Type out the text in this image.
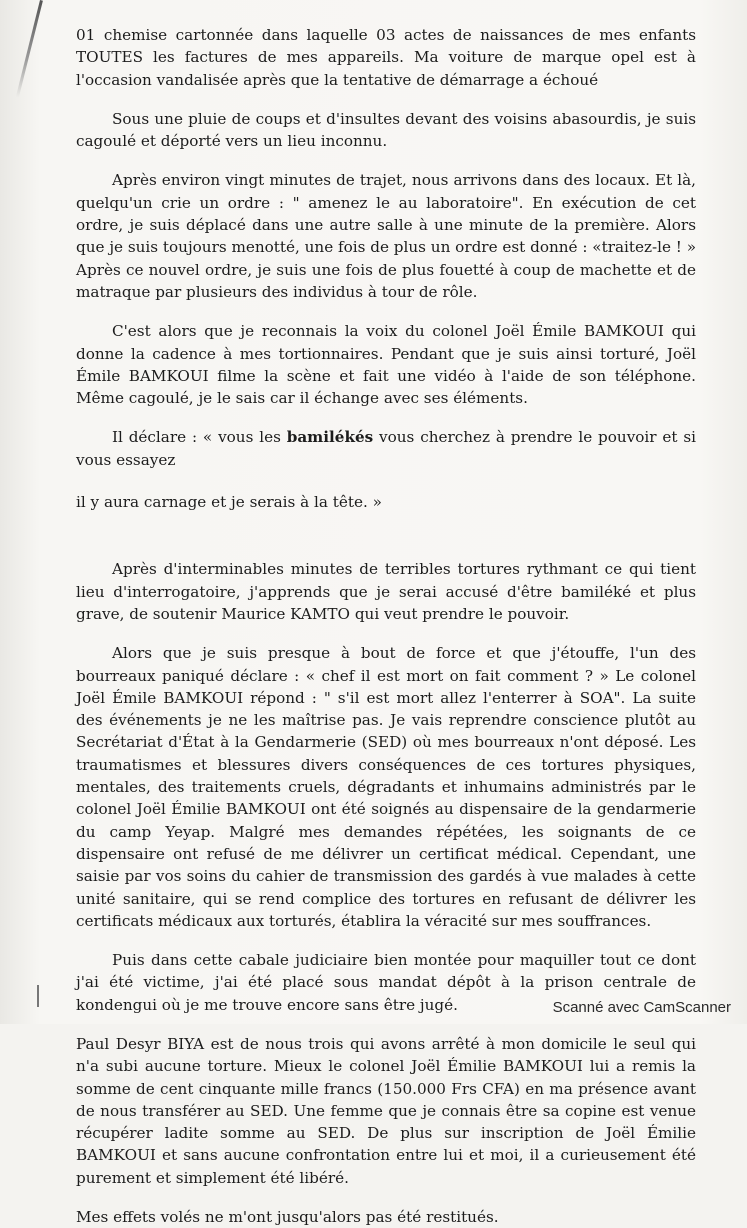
01 chemise cartonnée dans laquelle 03 actes de naissances de mes enfants TOUTES les factures de mes appareils. Ma voiture de marque opel est à l'occasion vandalisée après que la tentative de démarrage a échoué

Sous une pluie de coups et d'insultes devant des voisins abasourdis, je suis cagoulé et déporté vers un lieu inconnu.

Après environ vingt minutes de trajet, nous arrivons dans des locaux. Et là, quelqu'un crie un ordre : " amenez le au laboratoire". En exécution de cet ordre, je suis déplacé dans une autre salle à une minute de la première. Alors que je suis toujours menotté, une fois de plus un ordre est donné : «traitez-le ! » Après ce nouvel ordre, je suis une fois de plus fouetté à coup de machette et de matraque par plusieurs des individus à tour de rôle.

C'est alors que je reconnais la voix du colonel Joël Émile BAMKOUI qui donne la cadence à mes tortionnaires. Pendant que je suis ainsi torturé, Joël Émile BAMKOUI filme la scène et fait une vidéo à l'aide de son téléphone. Même cagoulé, je le sais car il échange avec ses éléments.

Il déclare : « vous les bamilékés vous cherchez à prendre le pouvoir et si vous essayez

il y aura carnage et je serais à la tête. »

Après d'interminables minutes de terribles tortures rythmant ce qui tient lieu d'interrogatoire, j'apprends que je serai accusé d'être bamiléké et plus grave, de soutenir Maurice KAMTO qui veut prendre le pouvoir.

Alors que je suis presque à bout de force et que j'étouffe, l'un des bourreaux paniqué déclare : « chef il est mort on fait comment ? » Le colonel Joël Émile BAMKOUI répond : " s'il est mort allez l'enterrer à SOA". La suite des événements je ne les maîtrise pas. Je vais reprendre conscience plutôt au Secrétariat d'État à la Gendarmerie (SED) où mes bourreaux n'ont déposé. Les traumatismes et blessures divers conséquences de ces tortures physiques, mentales, des traitements cruels, dégradants et inhumains administrés par le colonel Joël Émilie BAMKOUI ont été soignés au dispensaire de la gendarmerie du camp Yeyap. Malgré mes demandes répétées, les soignants de ce dispensaire ont refusé de me délivrer un certificat médical. Cependant, une saisie par vos soins du cahier de transmission des gardés à vue malades à cette unité sanitaire, qui se rend complice des tortures en refusant de délivrer les certificats médicaux aux torturés, établira la véracité sur mes souffrances.

Puis dans cette cabale judiciaire bien montée pour maquiller tout ce dont j'ai été victime, j'ai été placé sous mandat dépôt à la prison centrale de kondengui où je me trouve encore sans être jugé.

Paul Desyr BIYA est de nous trois qui avons arrêté à mon domicile le seul qui n'a subi aucune torture. Mieux le colonel Joël Émilie BAMKOUI lui a remis la somme de cent cinquante mille francs (150.000 Frs CFA) en ma présence avant de nous transférer au SED. Une femme que je connais être sa copine est venue récupérer ladite somme au SED. De plus sur inscription de Joël Émilie BAMKOUI et sans aucune confrontation entre lui et moi, il a curieusement été purement et simplement été libéré.

Mes effets volés ne m'ont jusqu'alors pas été restitués.

Scanné avec CamScanner
